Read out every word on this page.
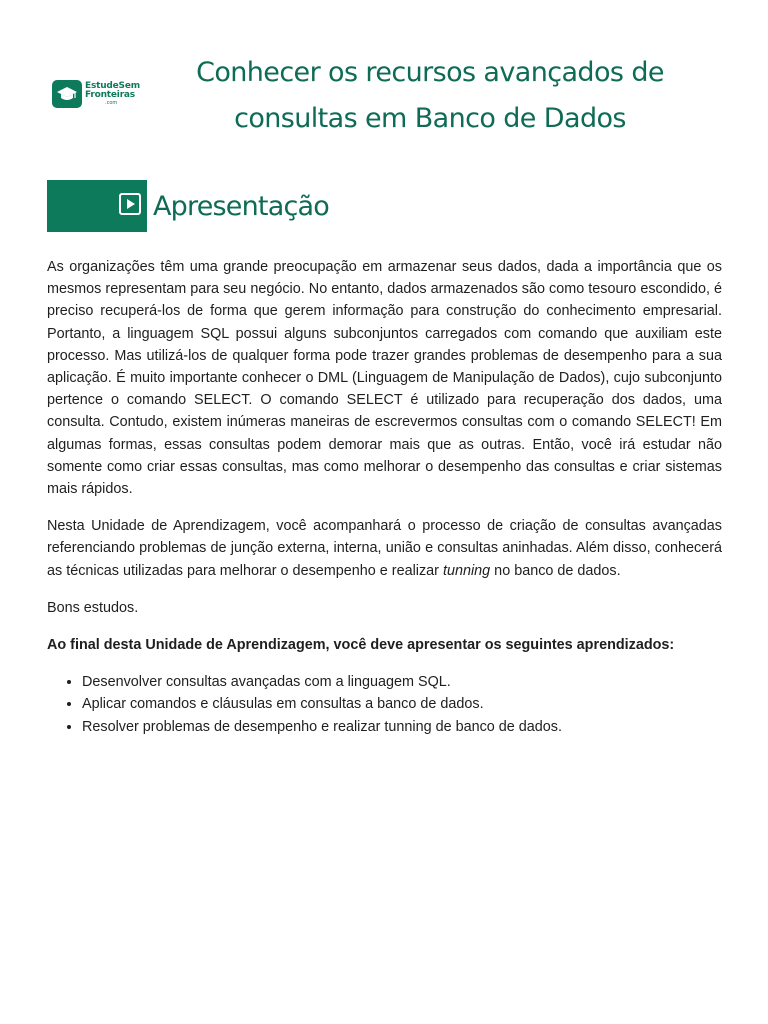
EstudeSem
Fronteiras
.com
Conhecer os recursos avançados de consultas em Banco de Dados
Apresentação

As organizações têm uma grande preocupação em armazenar seus dados, dada a importância que os mesmos representam para seu negócio. No entanto, dados armazenados são como tesouro escondido, é preciso recuperá-los de forma que gerem informação para construção do conhecimento empresarial. Portanto, a linguagem SQL possui alguns subconjuntos carregados com comando que auxiliam este processo. Mas utilizá-los de qualquer forma pode trazer grandes problemas de desempenho para a sua aplicação. É muito importante conhecer o DML (Linguagem de Manipulação de Dados), cujo subconjunto pertence o comando SELECT. O comando SELECT é utilizado para recuperação dos dados, uma consulta. Contudo, existem inúmeras maneiras de escrevermos consultas com o comando SELECT! Em algumas formas, essas consultas podem demorar mais que as outras. Então, você irá estudar não somente como criar essas consultas, mas como melhorar o desempenho das consultas e criar sistemas mais rápidos.

Nesta Unidade de Aprendizagem, você acompanhará o processo de criação de consultas avançadas referenciando problemas de junção externa, interna, união e consultas aninhadas. Além disso, conhecerá as técnicas utilizadas para melhorar o desempenho e realizar tunning no banco de dados.

Bons estudos.

Ao final desta Unidade de Aprendizagem, você deve apresentar os seguintes aprendizados:

• Desenvolver consultas avançadas com a linguagem SQL.
• Aplicar comandos e cláusulas em consultas a banco de dados.
• Resolver problemas de desempenho e realizar tunning de banco de dados.
